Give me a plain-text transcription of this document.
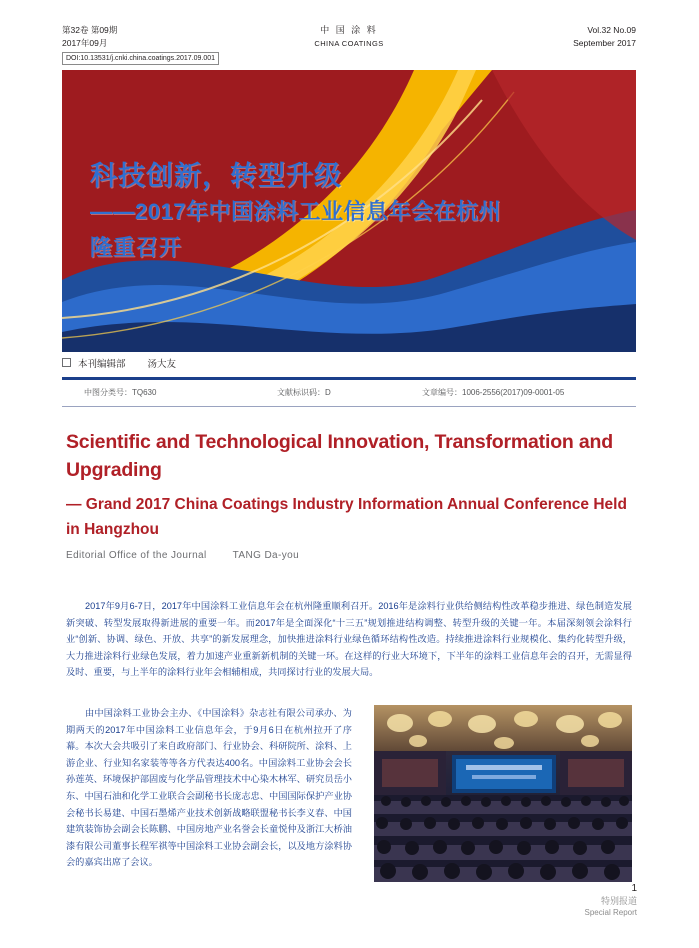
第32卷 第09期
2017年09月
中 国 涂 料
CHINA COATINGS
Vol.32 No.09
September 2017
DOI:10.13531/j.cnki.china.coatings.2017.09.001
科技创新，转型升级
——2017年中国涂料工业信息年会在杭州
隆重召开
本刊编辑部 汤大友
中图分类号：TQ630	文献标识码：D	文章编号：1006-2556(2017)09-0001-05
Scientific and Technological Innovation, Transformation and Upgrading
— Grand 2017 China Coatings Industry Information Annual Conference Held in Hangzhou
Editorial Office of the Journal	TANG Da-you
2017年9月6-7日，2017年中国涂料工业信息年会在杭州隆重顺利召开。2016年是涂料行业供给侧结构性改革稳步推进、绿色制造发展新突破、转型发展取得新进展的重要一年。而2017年是全面深化“十三五”规划推进结构调整、转型升级的关键一年。本届深刻领会涂料行业“创新、协调、绿色、开放、共享”的新发展理念，加快推进涂料行业绿色循环结构性改造。持续推进涂料行业规模化、集约化转型升级，大力推进涂料行业绿色发展，着力加速产业重新新机制的关键一环。在这样的行业大环境下，下半年的涂料工业信息年会的召开，无需显得及时、重要，与上半年的涂料行业年会相辅相成，共同探讨行业的发展大局。
由中国涂料工业协会主办、《中国涂料》杂志社有限公司承办、为期两天的2017年中国涂料工业信息年会，于9月6日在杭州拉开了序幕。本次大会共吸引了来自政府部门、行业协会、科研院所、涂料、上游企业、行业知名家装等等各方代表达400名。中国涂料工业协会会长孙莲英、环境保护部固废与化学品管理技术中心染木林军、研究员岳小东、中国石油和化学工业联合会副秘书长庞志忠、中国国际保护产业协会秘书长易建、中国石墨烯产业技术创新战略联盟秘书长李义春、中国建筑装饰协会副会长陈鹏、中国房地产业名誉会长童悦仲及浙江大桥油漆有限公司董事长程军祺等中国涂料工业协会副会长，以及地方涂料协会的嘉宾出席了会议。
1
特别报道
Special Report
